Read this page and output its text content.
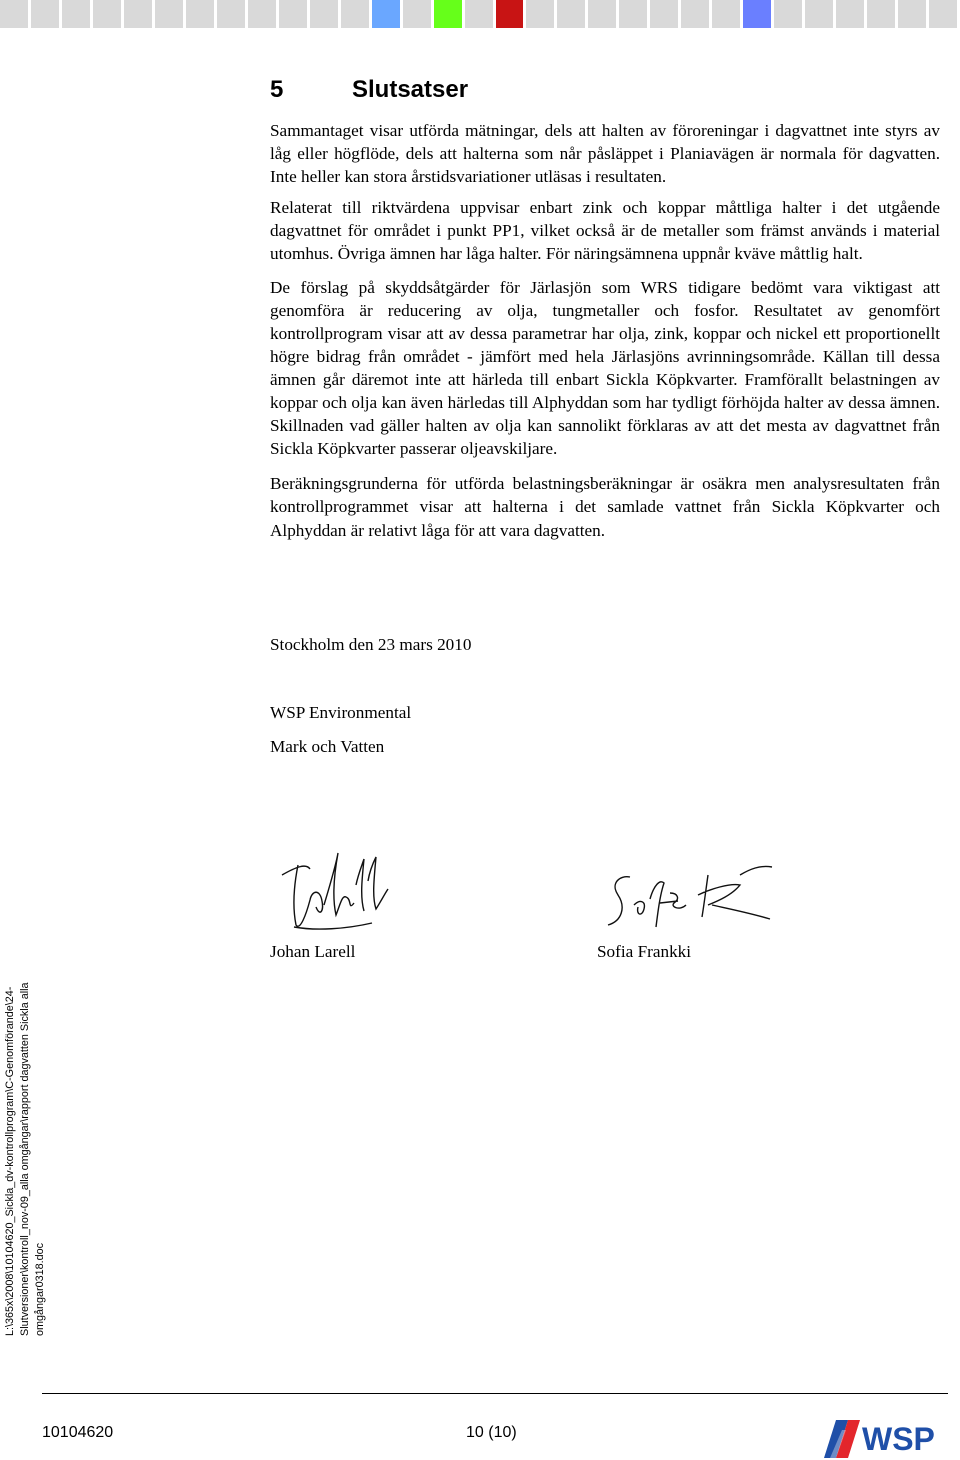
5	Slutsatser

Sammantaget visar utförda mätningar, dels att halten av föroreningar i dagvattnet inte styrs av låg eller högflöde, dels att halterna som når påsläppet i Planiavägen är normala för dagvatten. Inte heller kan stora årstidsvariationer utläsas i resultaten.

Relaterat till riktvärdena uppvisar enbart zink och koppar måttliga halter i det utgående dagvattnet för området i punkt PP1, vilket också är de metaller som främst används i material utomhus. Övriga ämnen har låga halter. För näringsämnena uppnår kväve måttlig halt.

De förslag på skyddsåtgärder för Järlasjön som WRS tidigare bedömt vara viktigast att genomföra är reducering av olja, tungmetaller och fosfor. Resultatet av genomfört kontrollprogram visar att av dessa parametrar har olja, zink, koppar och nickel ett proportionellt högre bidrag från området - jämfört med hela Järlasjöns avrinningsområde. Källan till dessa ämnen går däremot inte att härleda till enbart Sickla Köpkvarter. Framförallt belastningen av koppar och olja kan även härledas till Alphyddan som har tydligt förhöjda halter av dessa ämnen. Skillnaden vad gäller halten av olja kan sannolikt förklaras av att det mesta av dagvattnet från Sickla Köpkvarter passerar oljeavskiljare.

Beräkningsgrunderna för utförda belastningsberäkningar är osäkra men analysresultaten från kontrollprogrammet visar att halterna i det samlade vattnet från Sickla Köpkvarter och Alphyddan är relativt låga för att vara dagvatten.

Stockholm den 23 mars 2010
WSP Environmental
Mark och Vatten
Johan Larell	Sofia Frankki
L:\365x\2008\10104620_Sickla_dv-kontrollprogram\C-Genomförande\24- Slutversioner\kontroll_nov-09_alla omgångar\rapport dagvatten Sickla alla omgångar0318.doc
10104620	10 (10)	WSP
